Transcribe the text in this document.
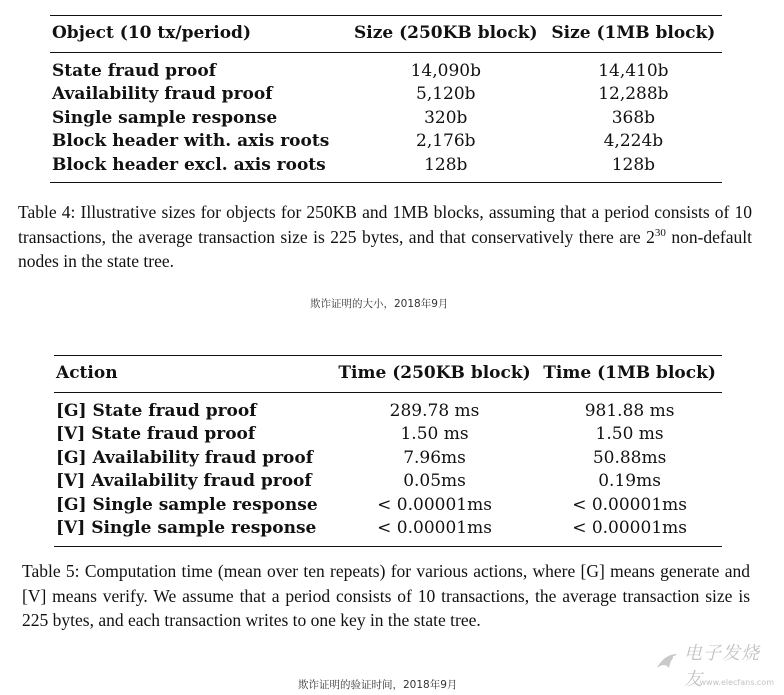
Object (10 tx/period)	Size (250KB block)	Size (1MB block)
State fraud proof	14,090b	14,410b
Availability fraud proof	5,120b	12,288b
Single sample response	320b	368b
Block header with. axis roots	2,176b	4,224b
Block header excl. axis roots	128b	128b
Table 4: Illustrative sizes for objects for 250KB and 1MB blocks, assuming that a period consists of 10 transactions, the average transaction size is 225 bytes, and that conservatively there are $2^{30}$ non-default nodes in the state tree.
欺诈证明的大小，2018年9月
Action	Time (250KB block)	Time (1MB block)
[G] State fraud proof	289.78 ms	981.88 ms
[V] State fraud proof	1.50 ms	1.50 ms
[G] Availability fraud proof	7.96ms	50.88ms
[V] Availability fraud proof	0.05ms	0.19ms
[G] Single sample response	< 0.00001ms	< 0.00001ms
[V] Single sample response	< 0.00001ms	< 0.00001ms
Table 5: Computation time (mean over ten repeats) for various actions, where [G] means generate and [V] means verify. We assume that a period consists of 10 transactions, the average transaction size is 225 bytes, and each transaction writes to one key in the state tree.
欺诈证明的验证时间，2018年9月
电子发烧友
www.elecfans.com
